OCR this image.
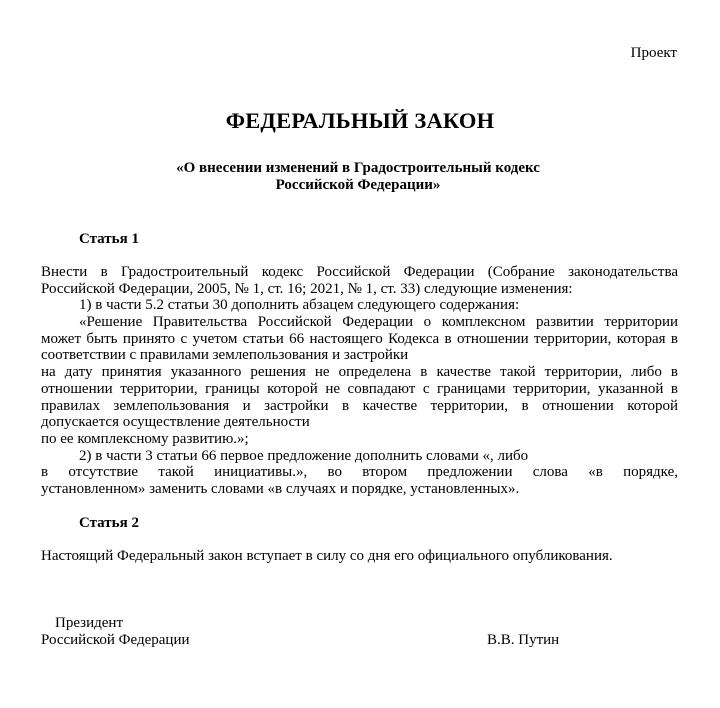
Проект
ФЕДЕРАЛЬНЫЙ ЗАКОН
«О внесении изменений в Градостроительный кодекс
Российской Федерации»
Статья 1
Внести в Градостроительный кодекс Российской Федерации (Собрание законодательства
Российской Федерации, 2005, № 1, ст. 16; 2021, № 1, ст. 33) следующие изменения:
1) в части 5.2 статьи 30 дополнить абзацем следующего содержания:
«Решение Правительства Российской Федерации о комплексном развитии территории
может быть принято с учетом статьи 66 настоящего Кодекса в отношении территории, которая в
соответствии с правилами землепользования и застройки
на дату принятия указанного решения не определена в качестве такой территории, либо в
отношении территории, границы которой не совпадают с границами территории, указанной в
правилах землепользования и застройки в качестве территории, в отношении которой
допускается осуществление деятельности
по ее комплексному развитию.»;
2) в части 3 статьи 66 первое предложение дополнить словами «, либо
в отсутствие такой инициативы.», во втором предложении слова «в порядке,
установленном» заменить словами «в случаях и порядке, установленных».
Статья 2
Настоящий Федеральный закон вступает в силу со дня его официального опубликования.
Президент
Российской Федерации	В.В. Путин
